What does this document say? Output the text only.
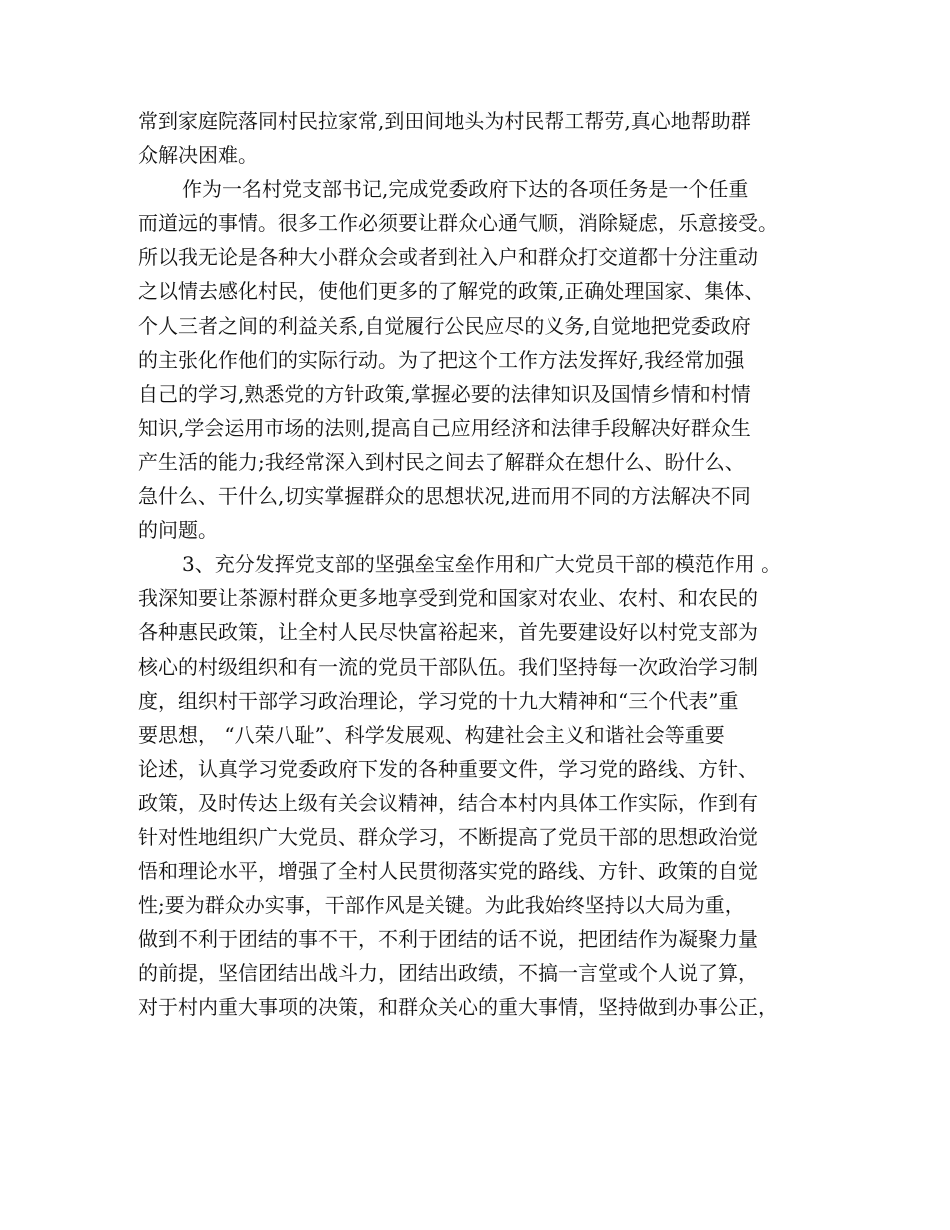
常到家庭院落同村民拉家常,到田间地头为村民帮工帮劳,真心地帮助群
众解决困难。
作为一名村党支部书记,完成党委政府下达的各项任务是一个任重
而道远的事情。很多工作必须要让群众心通气顺，消除疑虑，乐意接受。
所以我无论是各种大小群众会或者到社入户和群众打交道都十分注重动
之以情去感化村民，使他们更多的了解党的政策,正确处理国家、集体、
个人三者之间的利益关系,自觉履行公民应尽的义务,自觉地把党委政府
的主张化作他们的实际行动。为了把这个工作方法发挥好,我经常加强
自己的学习,熟悉党的方针政策,掌握必要的法律知识及国情乡情和村情
知识,学会运用市场的法则,提高自己应用经济和法律手段解决好群众生
产生活的能力;我经常深入到村民之间去了解群众在想什么、盼什么、
急什么、干什么,切实掌握群众的思想状况,进而用不同的方法解决不同
的问题。
3、充分发挥党支部的坚强垒宝垒作用和广大党员干部的模范作用 。
我深知要让茶源村群众更多地享受到党和国家对农业、农村、和农民的
各种惠民政策，让全村人民尽快富裕起来，首先要建设好以村党支部为
核心的村级组织和有一流的党员干部队伍。我们坚持每一次政治学习制
度，组织村干部学习政治理论，学习党的十九大精神和“三个代表”重
要思想， “八荣八耻”、科学发展观、构建社会主义和谐社会等重要
论述，认真学习党委政府下发的各种重要文件，学习党的路线、方针、
政策，及时传达上级有关会议精神，结合本村内具体工作实际，作到有
针对性地组织广大党员、群众学习，不断提高了党员干部的思想政治觉
悟和理论水平，增强了全村人民贯彻落实党的路线、方针、政策的自觉
性;要为群众办实事，干部作风是关键。为此我始终坚持以大局为重，
做到不利于团结的事不干，不利于团结的话不说，把团结作为凝聚力量
的前提，坚信团结出战斗力，团结出政绩，不搞一言堂或个人说了算，
对于村内重大事项的决策，和群众关心的重大事情，坚持做到办事公正，
